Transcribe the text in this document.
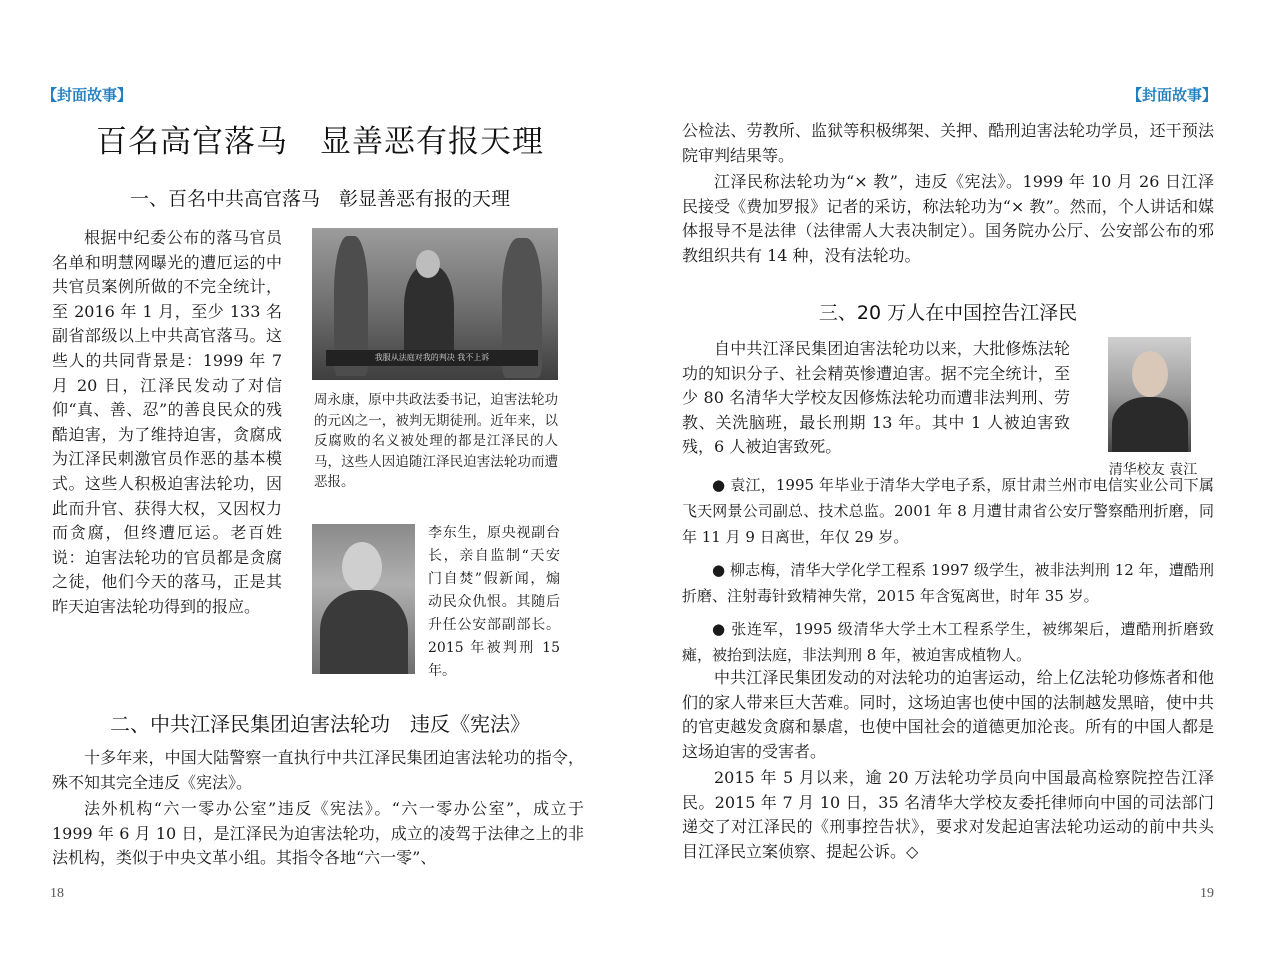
【封面故事】
百名高官落马　显善恶有报天理
一、百名中共高官落马　彰显善恶有报的天理

根据中纪委公布的落马官员名单和明慧网曝光的遭厄运的中共官员案例所做的不完全统计，至 2016 年 1 月，至少 133 名副省部级以上中共高官落马。这些人的共同背景是：1999 年 7 月 20 日，江泽民发动了对信仰“真、善、忍”的善良民众的残酷迫害，为了维持迫害，贪腐成为江泽民刺激官员作恶的基本模式。这些人积极迫害法轮功，因此而升官、获得大权，又因权力而贪腐，但终遭厄运。老百姓说：迫害法轮功的官员都是贪腐之徒，他们今天的落马，正是其昨天迫害法轮功得到的报应。

我服从法庭对我的判决 我不上诉

周永康，原中共政法委书记，迫害法轮功的元凶之一，被判无期徒刑。近年来，以反腐败的名义被处理的都是江泽民的人马，这些人因追随江泽民迫害法轮功而遭恶报。

李东生，原央视副台长，亲自监制“天安门自焚”假新闻，煽动民众仇恨。其随后升任公安部副部长。2015 年被判刑 15 年。

二、中共江泽民集团迫害法轮功　违反《宪法》

十多年来，中国大陆警察一直执行中共江泽民集团迫害法轮功的指令，殊不知其完全违反《宪法》。

法外机构“六一零办公室”违反《宪法》。“六一零办公室”，成立于 1999 年 6 月 10 日，是江泽民为迫害法轮功，成立的凌驾于法律之上的非法机构，类似于中央文革小组。其指令各地“六一零”、

18
【封面故事】

公检法、劳教所、监狱等积极绑架、关押、酷刑迫害法轮功学员，还干预法院审判结果等。

江泽民称法轮功为“× 教”，违反《宪法》。1999 年 10 月 26 日江泽民接受《费加罗报》记者的采访，称法轮功为“× 教”。然而，个人讲话和媒体报导不是法律（法律需人大表决制定）。国务院办公厅、公安部公布的邪教组织共有 14 种，没有法轮功。

三、20 万人在中国控告江泽民

自中共江泽民集团迫害法轮功以来，大批修炼法轮功的知识分子、社会精英惨遭迫害。据不完全统计，至少 80 名清华大学校友因修炼法轮功而遭非法判刑、劳教、关洗脑班，最长刑期 13 年。其中 1 人被迫害致残，6 人被迫害致死。

清华校友 袁江

● 袁江，1995 年毕业于清华大学电子系，原甘肃兰州市电信实业公司下属飞天网景公司副总、技术总监。2001 年 8 月遭甘肃省公安厅警察酷刑折磨，同年 11 月 9 日离世，年仅 29 岁。

● 柳志梅，清华大学化学工程系 1997 级学生，被非法判刑 12 年，遭酷刑折磨、注射毒针致精神失常，2015 年含冤离世，时年 35 岁。

● 张连军，1995 级清华大学土木工程系学生，被绑架后，遭酷刑折磨致瘫，被抬到法庭，非法判刑 8 年，被迫害成植物人。

中共江泽民集团发动的对法轮功的迫害运动，给上亿法轮功修炼者和他们的家人带来巨大苦难。同时，这场迫害也使中国的法制越发黑暗，使中共的官吏越发贪腐和暴虐，也使中国社会的道德更加沦丧。所有的中国人都是这场迫害的受害者。

2015 年 5 月以来，逾 20 万法轮功学员向中国最高检察院控告江泽民。2015 年 7 月 10 日，35 名清华大学校友委托律师向中国的司法部门递交了对江泽民的《刑事控告状》，要求对发起迫害法轮功运动的前中共头目江泽民立案侦察、提起公诉。◇

19
